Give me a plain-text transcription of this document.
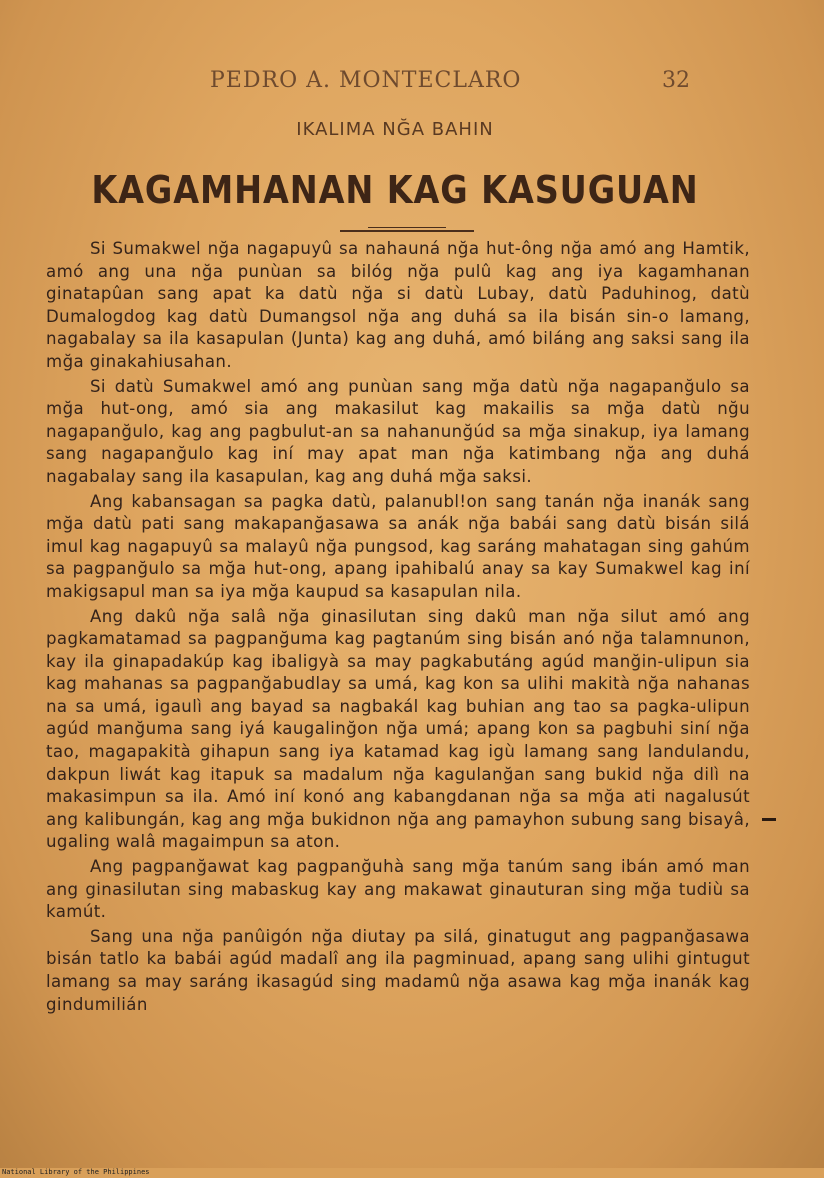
PEDRO A. MONTECLARO	32
IKALIMA NĞA BAHIN
KAGAMHANAN KAG KASUGUAN

Si Sumakwel nğa nagapuyû sa nahauná nğa hut-ông nğa amó ang Hamtik, amó ang una nğa punùan sa bilóg nğa pulû kag ang iya kagamhanan ginatapûan sang apat ka datù nğa si datù Lubay, datù Paduhinog, datù Dumalogdog kag datù Dumangsol nğa ang duhá sa ila bisán sin-o lamang, nagabalay sa ila kasapulan (Junta) kag ang duhá, amó biláng ang saksi sang ila mğa ginakahiusahan.

Si datù Sumakwel amó ang punùan sang mğa datù nğa nagapanğulo sa mğa hut-ong, amó sia ang makasilut kag makailis sa mğa datù nğu nagapanğulo, kag ang pagbulut-an sa nahanunğúd sa mğa sinakup, iya lamang sang nagapanğulo kag iní may apat man nğa katimbang nğa ang duhá nagabalay sang ila kasapulan, kag ang duhá mğa saksi.

Ang kabansagan sa pagka datù, palanubl!on sang tanán nğa inanák sang mğa datù pati sang makapanğasawa sa anák nğa babái sang datù bisán silá imul kag nagapuyû sa malayû nğa pungsod, kag saráng mahatagan sing gahúm sa pagpanğulo sa mğa hut-ong, apang ipahibalú anay sa kay Sumakwel kag iní makigsapul man sa iya mğa kaupud sa kasapulan nila.

Ang dakû nğa salâ nğa ginasilutan sing dakû man nğa silut amó ang pagkamatamad sa pagpanğuma kag pagtanúm sing bisán anó nğa talamnunon, kay ila ginapadakúp kag ibaligyà sa may pagkabutáng agúd manğin-ulipun sia kag mahanas sa pagpanğabudlay sa umá, kag kon sa ulihi makità nğa nahanas na sa umá, igaulì ang bayad sa nagbakál kag buhian ang tao sa pagka-ulipun agúd manğuma sang iyá kaugalinğon nğa umá; apang kon sa pagbuhi siní nğa tao, magapakità gihapun sang iya katamad kag igù lamang sang landulandu, dakpun liwát kag itapuk sa madalum nğa kagulanğan sang bukid nğa dilì na makasimpun sa ila. Amó iní konó ang kabangdanan nğa sa mğa ati nagalusút ang kalibungán, kag ang mğa bukidnon nğa ang pamayhon subung sang bisayâ, ugaling walâ magaimpun sa aton.

Ang pagpanğawat kag pagpanğuhà sang mğa tanúm sang ibán amó man ang ginasilutan sing mabaskug kay ang makawat ginauturan sing mğa tudiù sa kamút.

Sang una nğa panûigón nğa diutay pa silá, ginatugut ang pagpanğasawa bisán tatlo ka babái agúd madalî ang ila pagminuad, apang sang ulihi gintugut lamang sa may saráng ikasagúd sing madamû nğa asawa kag mğa inanák kag gindumilián

National Library of the Philippines
